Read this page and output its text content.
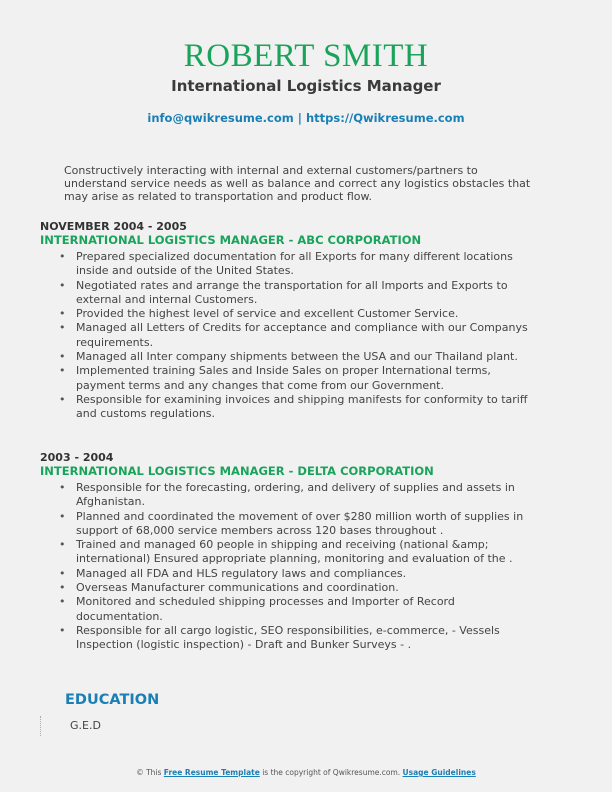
ROBERT SMITH
International Logistics Manager
info@qwikresume.com | https://Qwikresume.com
Constructively interacting with internal and external customers/partners to understand service needs as well as balance and correct any logistics obstacles that may arise as related to transportation and product flow.
NOVEMBER 2004 - 2005
INTERNATIONAL LOGISTICS MANAGER - ABC CORPORATION
• Prepared specialized documentation for all Exports for many different locations inside and outside of the United States.
• Negotiated rates and arrange the transportation for all Imports and Exports to external and internal Customers.
• Provided the highest level of service and excellent Customer Service.
• Managed all Letters of Credits for acceptance and compliance with our Companys requirements.
• Managed all Inter company shipments between the USA and our Thailand plant.
• Implemented training Sales and Inside Sales on proper International terms, payment terms and any changes that come from our Government.
• Responsible for examining invoices and shipping manifests for conformity to tariff and customs regulations.
2003 - 2004
INTERNATIONAL LOGISTICS MANAGER - DELTA CORPORATION
• Responsible for the forecasting, ordering, and delivery of supplies and assets in Afghanistan.
• Planned and coordinated the movement of over $280 million worth of supplies in support of 68,000 service members across 120 bases throughout .
• Trained and managed 60 people in shipping and receiving (national &amp; international) Ensured appropriate planning, monitoring and evaluation of the .
• Managed all FDA and HLS regulatory laws and compliances.
• Overseas Manufacturer communications and coordination.
• Monitored and scheduled shipping processes and Importer of Record documentation.
• Responsible for all cargo logistic, SEO responsibilities, e-commerce, - Vessels Inspection (logistic inspection) - Draft and Bunker Surveys - .
EDUCATION
G.E.D
© This Free Resume Template is the copyright of Qwikresume.com. Usage Guidelines
